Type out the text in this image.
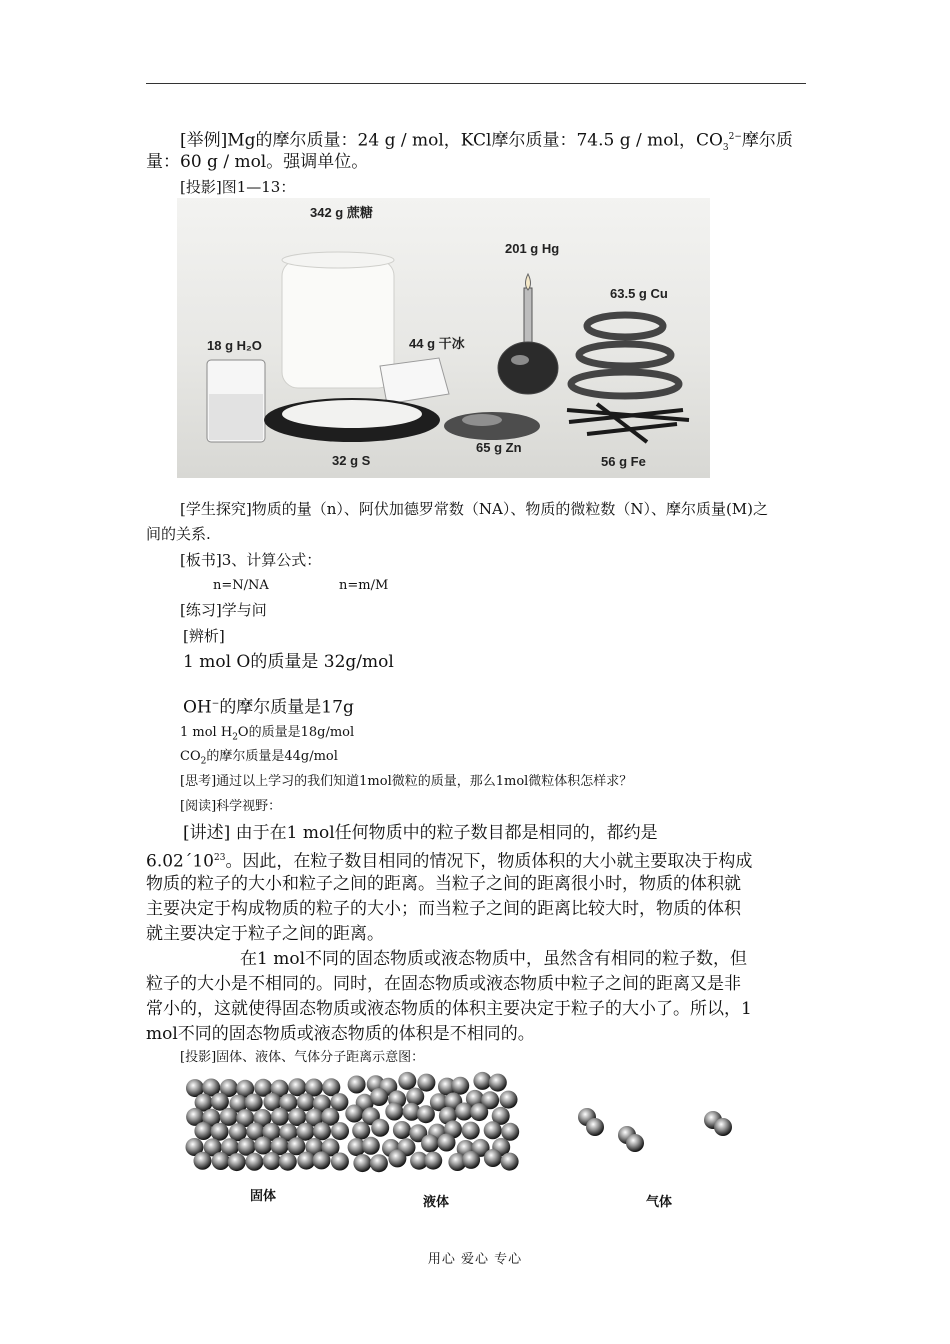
[举例]Mg的摩尔质量：24 g / mol，KCl摩尔质量：74.5 g / mol，$CO_3^{2-}$摩尔质
量：60 g / mol。强调单位。
[投影]图1—13：
342 g 蔗糖
201 g Hg
63.5 g Cu
18 g H₂O	44 g 干冰
32 g S
65 g Zn
56 g Fe
[学生探究]物质的量（n）、阿伏加德罗常数（NA）、物质的微粒数（N）、摩尔质量(M)之
间的关系.
[板书]3、计算公式：
n=N/NA	n=m/M
[练习]学与问
[辨析]
1 mol O的质量是 32g/mol
OH−的摩尔质量是17g
1 mol $H_2O$的质量是18g/mol
$CO_2$的摩尔质量是44g/mol
[思考]通过以上学习的我们知道1mol微粒的质量，那么1mol微粒体积怎样求？
[阅读]科学视野：
[讲述] 由于在1 mol任何物质中的粒子数目都是相同的，都约是
$6.02´10^{23}$。因此，在粒子数目相同的情况下，物质体积的大小就主要取决于构成
物质的粒子的大小和粒子之间的距离。当粒子之间的距离很小时，物质的体积就
主要决定于构成物质的粒子的大小；而当粒子之间的距离比较大时，物质的体积
就主要决定于粒子之间的距离。
在1 mol不同的固态物质或液态物质中，虽然含有相同的粒子数，但
粒子的大小是不相同的。同时，在固态物质或液态物质中粒子之间的距离又是非
常小的，这就使得固态物质或液态物质的体积主要决定于粒子的大小了。所以，1
mol不同的固态物质或液态物质的体积是不相同的。
[投影]固体、液体、气体分子距离示意图：
固体	液体	气体
用心 爱心 专心
